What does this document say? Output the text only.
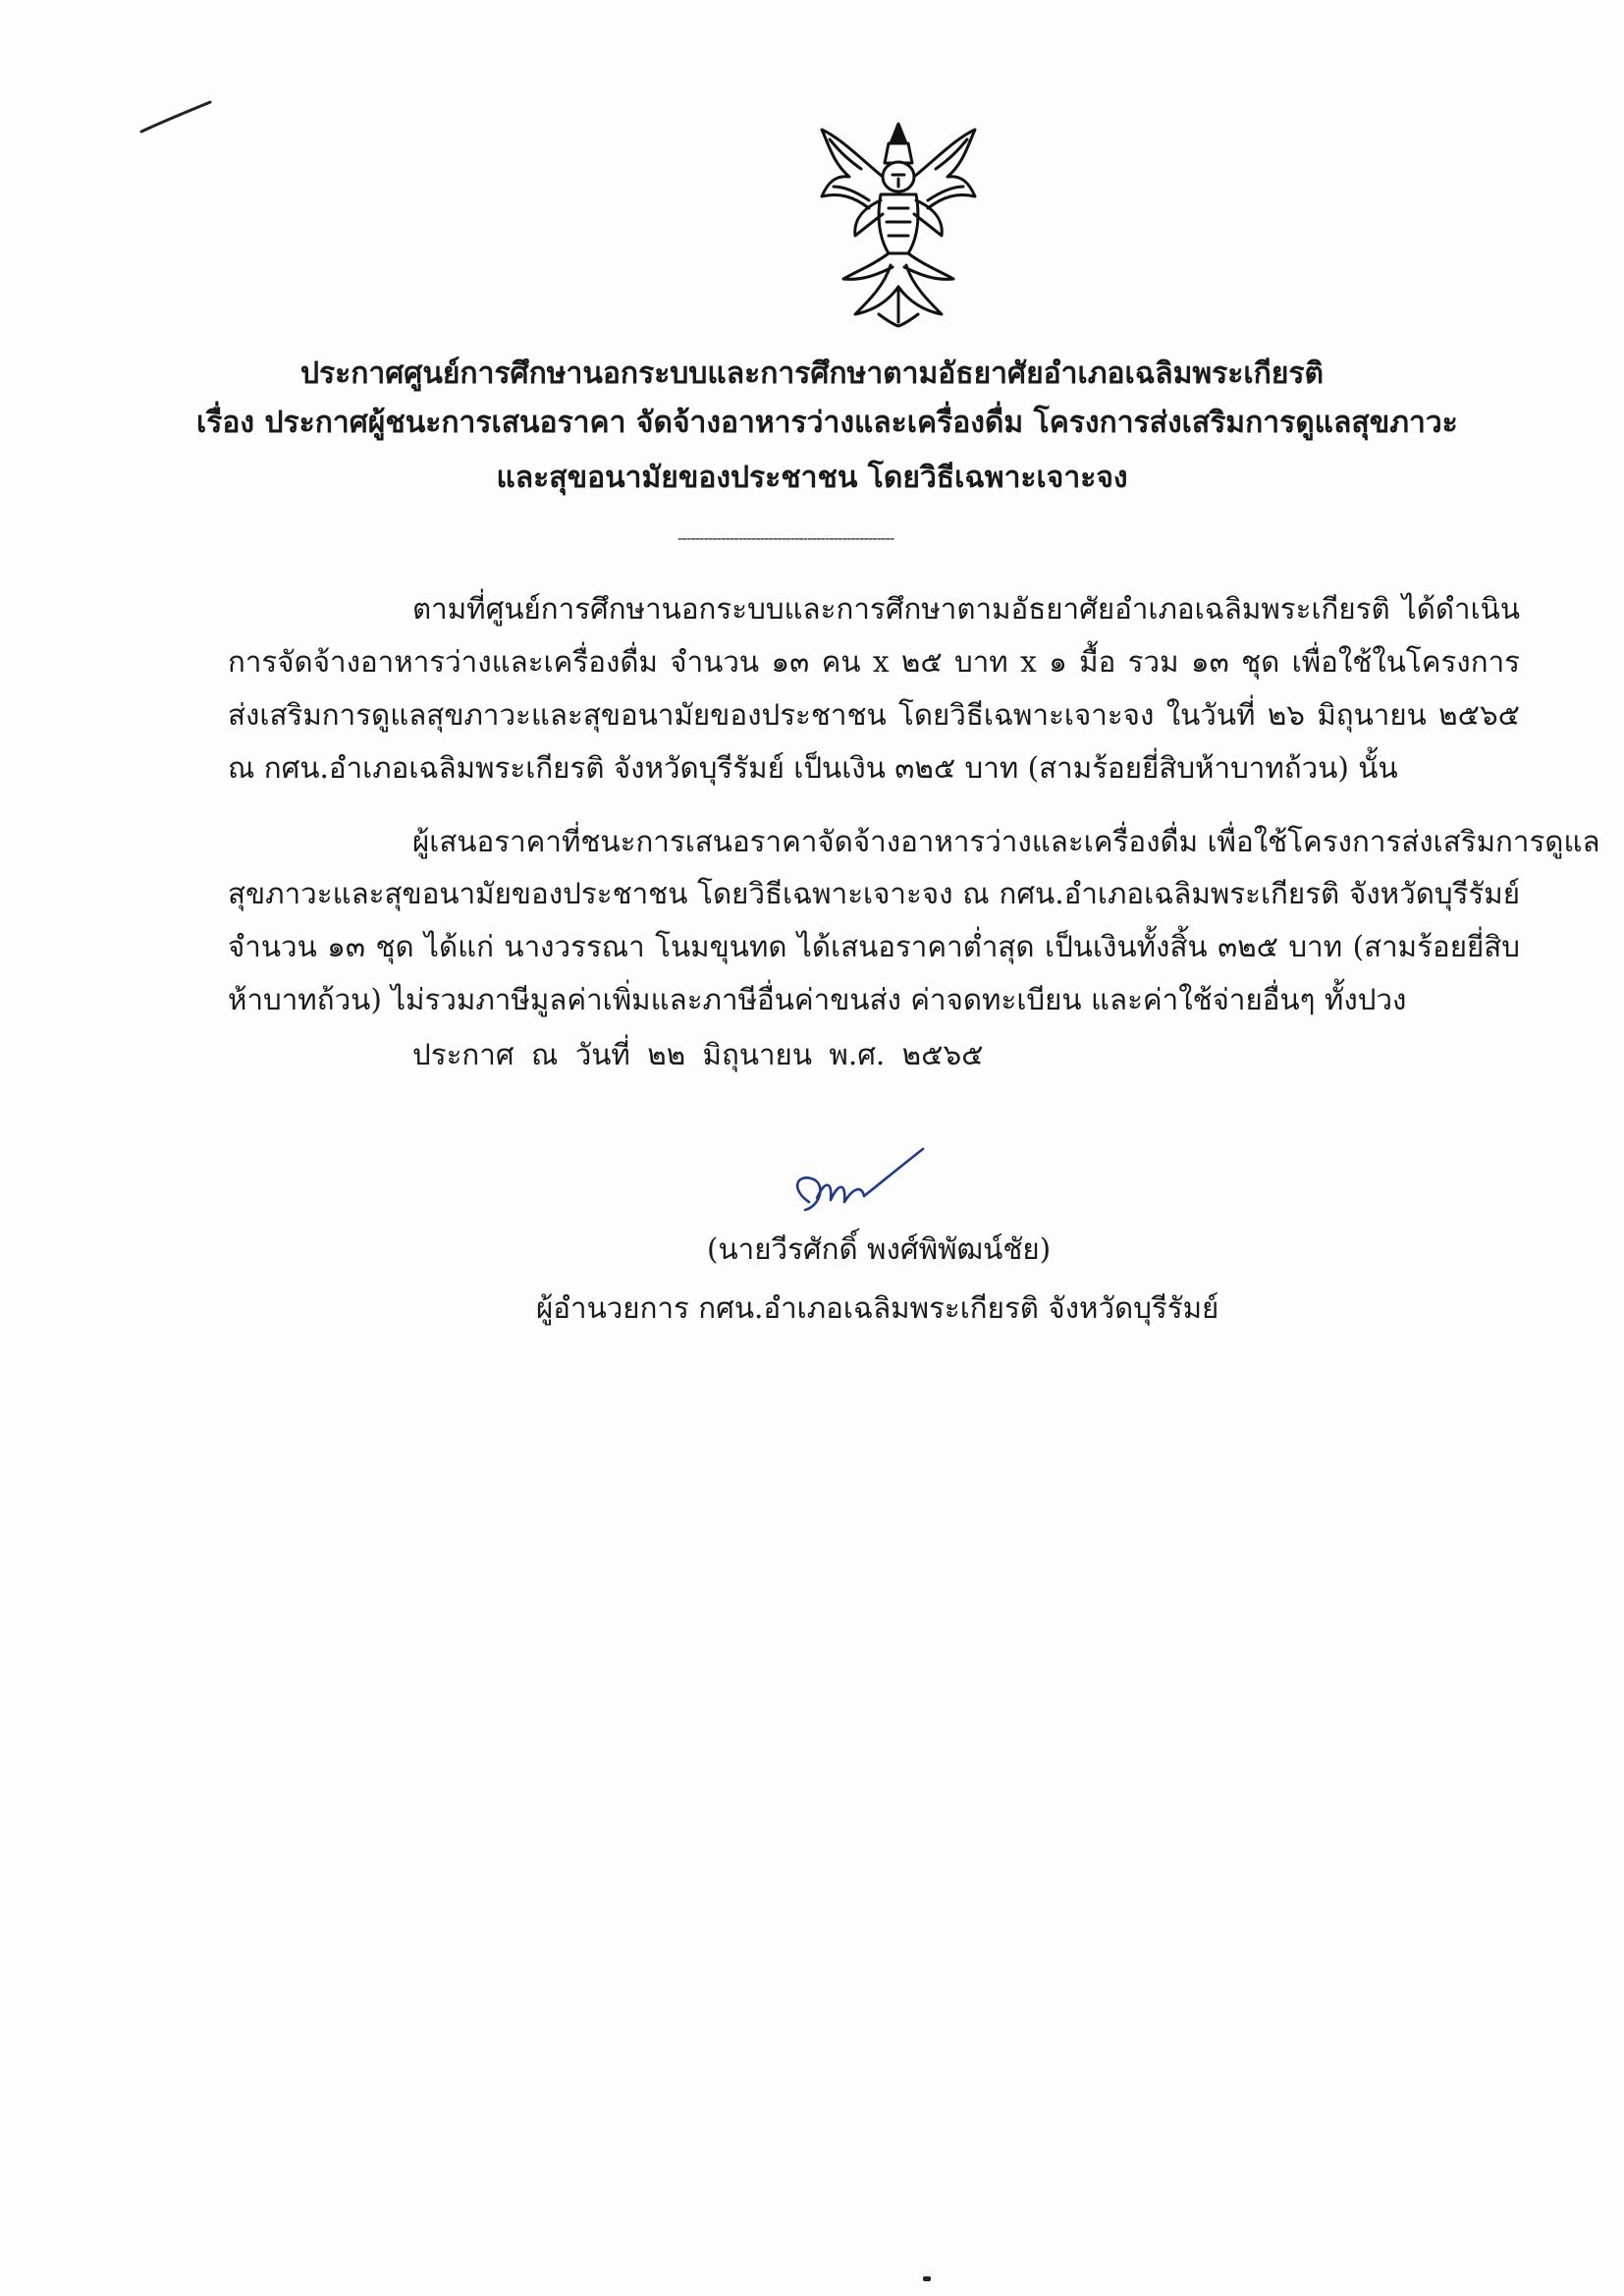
ประกาศศูนย์การศึกษานอกระบบและการศึกษาตามอัธยาศัยอำเภอเฉลิมพระเกียรติ
เรื่อง ประกาศผู้ชนะการเสนอราคา จัดจ้างอาหารว่างและเครื่องดื่ม โครงการส่งเสริมการดูแลสุขภาวะ
และสุขอนามัยของประชาชน โดยวิธีเฉพาะเจาะจง
--------------------------------------------------
ตามที่ศูนย์การศึกษานอกระบบและการศึกษาตามอัธยาศัยอำเภอเฉลิมพระเกียรติ ได้ดำเนิน
การจัดจ้างอาหารว่างและเครื่องดื่ม จำนวน ๑๓ คน x ๒๕ บาท x ๑ มื้อ รวม ๑๓ ชุด เพื่อใช้ในโครงการ
ส่งเสริมการดูแลสุขภาวะและสุขอนามัยของประชาชน โดยวิธีเฉพาะเจาะจง ในวันที่ ๒๖ มิถุนายน ๒๕๖๕
ณ กศน.อำเภอเฉลิมพระเกียรติ จังหวัดบุรีรัมย์ เป็นเงิน ๓๒๕ บาท (สามร้อยยี่สิบห้าบาทถ้วน) นั้น
ผู้เสนอราคาที่ชนะการเสนอราคาจัดจ้างอาหารว่างและเครื่องดื่ม เพื่อใช้โครงการส่งเสริมการดูแล
สุขภาวะและสุขอนามัยของประชาชน โดยวิธีเฉพาะเจาะจง ณ กศน.อำเภอเฉลิมพระเกียรติ จังหวัดบุรีรัมย์
จำนวน ๑๓ ชุด ได้แก่ นางวรรณา โนมขุนทด ได้เสนอราคาต่ำสุด เป็นเงินทั้งสิ้น ๓๒๕ บาท (สามร้อยยี่สิบ
ห้าบาทถ้วน) ไม่รวมภาษีมูลค่าเพิ่มและภาษีอื่นค่าขนส่ง ค่าจดทะเบียน และค่าใช้จ่ายอื่นๆ ทั้งปวง
ประกาศ ณ วันที่ ๒๒ มิถุนายน พ.ศ. ๒๕๖๕
(นายวีรศักดิ์ พงศ์พิพัฒน์ชัย)
ผู้อำนวยการ กศน.อำเภอเฉลิมพระเกียรติ จังหวัดบุรีรัมย์
